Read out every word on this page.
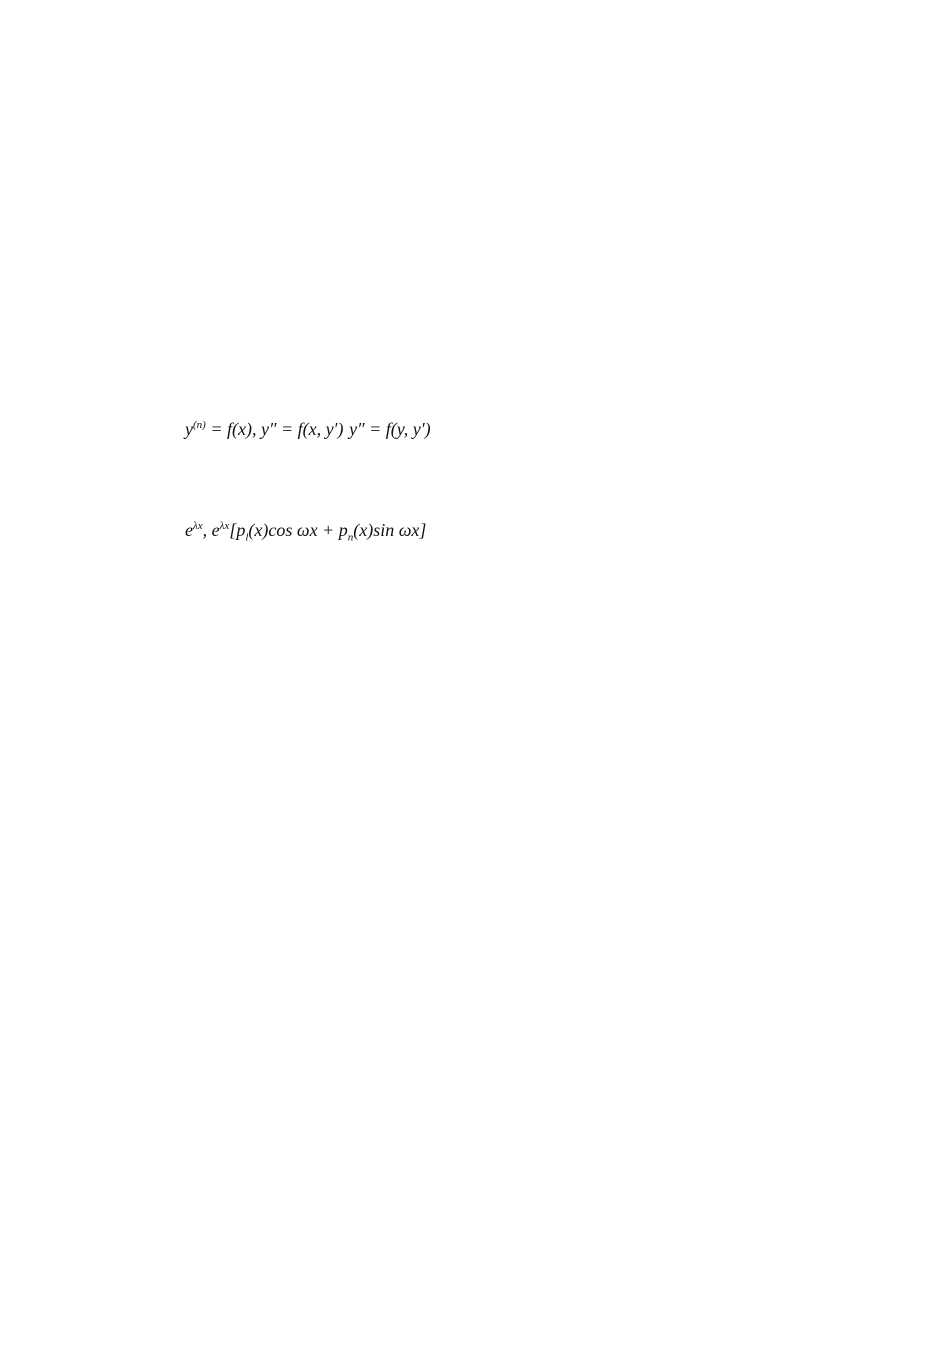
$y^{(n)} = f(x)$, y″ = f(x, y′) y″ = f(y, y′)
$e^{\lambda x}$, $e^{\lambda x}[p_l(x)\cos$ $\omega x + p_n(x)\sin$ ωx]
